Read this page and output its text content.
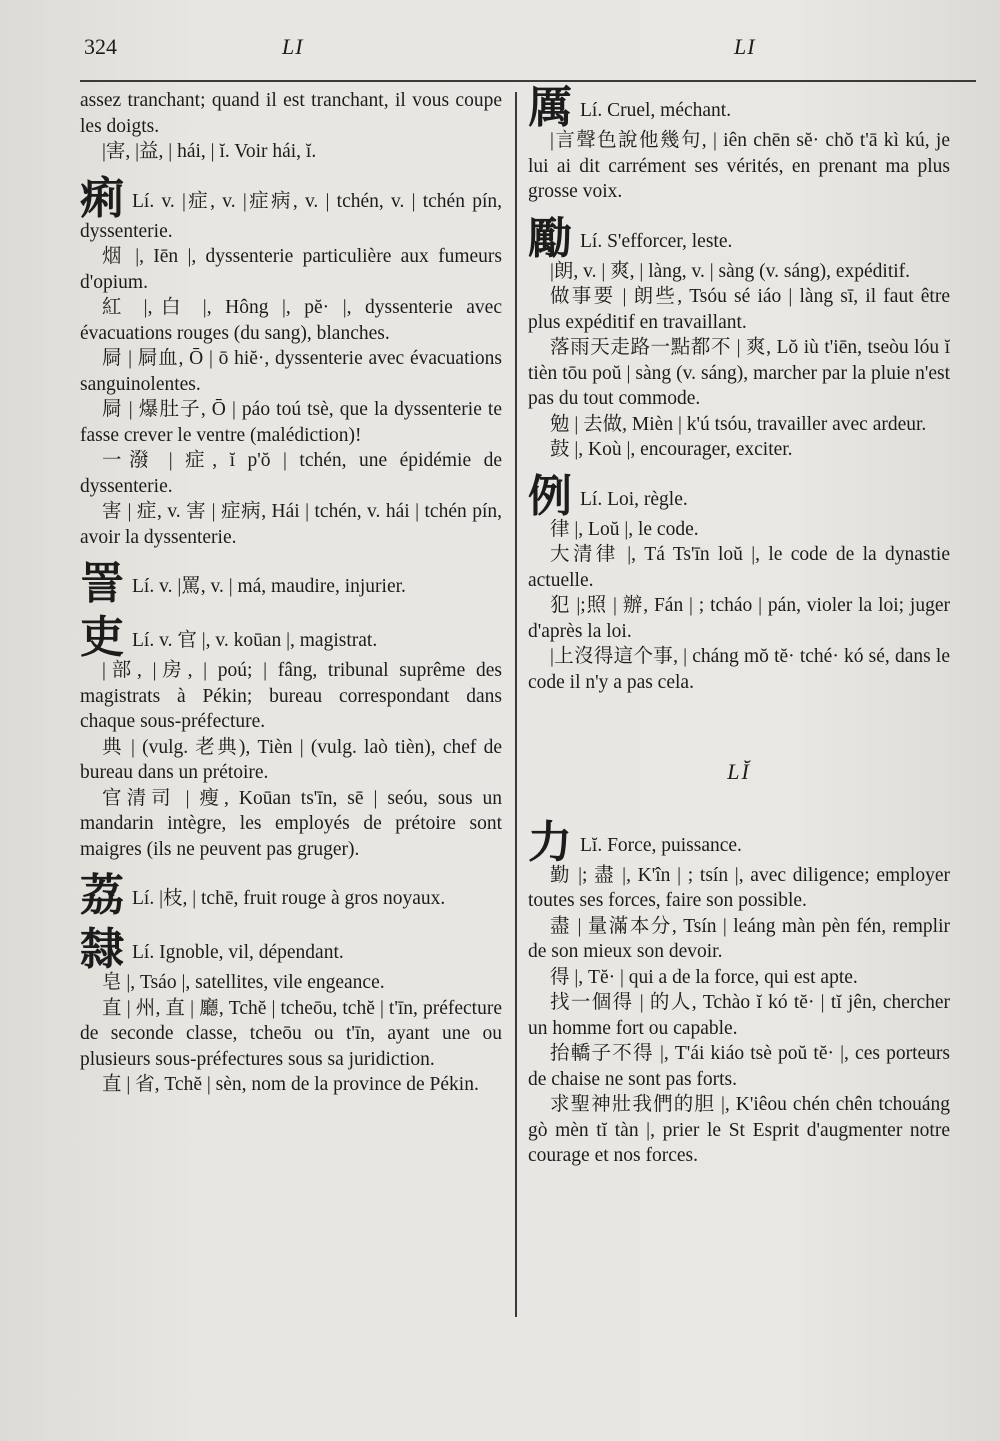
324	LI	LI

assez tranchant; quand il est tranchant, il vous coupe les doigts.

|害, |益, | hái, | ĭ. Voir hái, ĭ.

痢 Lí. v. |症, v. |症病, v. | tchén, v. | tchén pín, dyssenterie.

烟 |, Iēn |, dyssenterie particulière aux fumeurs d'opium.

紅 |,白 |, Hông |, pĕ· |, dyssenterie avec évacuations rouges (du sang), blanches.

屙 | 屙血, Ō | ō hiĕ·, dyssenterie avec évacuations sanguinolentes.

屙 | 爆肚子, Ō | páo toú tsè, que la dyssenterie te fasse crever le ventre (malédiction)!

一潑 | 症, ĭ p'ŏ | tchén, une épidémie de dyssenterie.

害 | 症, v. 害 | 症病, Hái | tchén, v. hái | tchén pín, avoir la dyssenterie.

詈 Lí. v. |罵, v. | má, maudire, injurier.

吏 Lí. v. 官 |, v. koūan |, magistrat.

|部, |房, | poú; | fâng, tribunal suprême des magistrats à Pékin; bureau correspondant dans chaque sous-préfecture.

典 | (vulg. 老典), Tièn | (vulg. laò tièn), chef de bureau dans un prétoire.

官清司 | 瘦, Koūan ts'īn, sē | seóu, sous un mandarin intègre, les employés de prétoire sont maigres (ils ne peuvent pas gruger).

荔 Lí. |枝, | tchē, fruit rouge à gros noyaux.

隸 Lí. Ignoble, vil, dépendant.

皂 |, Tsáo |, satellites, vile engeance.

直 | 州, 直 | 廳, Tchĕ | tcheōu, tchĕ | t'īn, préfecture de seconde classe, tcheōu ou t'īn, ayant une ou plusieurs sous-préfectures sous sa juridiction.

直 | 省, Tchĕ | sèn, nom de la province de Pékin.

厲 Lí. Cruel, méchant.

|言聲色說他幾句, | iên chēn sĕ· chŏ t'ā kì kú, je lui ai dit carrément ses vérités, en prenant ma plus grosse voix.

勵 Lí. S'efforcer, leste.

|朗, v. | 爽, | làng, v. | sàng (v. sáng), expéditif.

做事要 | 朗些, Tsóu sé iáo | làng sī, il faut être plus expéditif en travaillant.

落雨天走路一點都不 | 爽, Lŏ iù t'iēn, tseòu lóu ĭ tièn tōu poŭ | sàng (v. sáng), marcher par la pluie n'est pas du tout commode.

勉 | 去做, Mièn | k'ú tsóu, travailler avec ardeur.

鼓 |, Koù |, encourager, exciter.

例 Lí. Loi, règle.

律 |, Loŭ |, le code.

大清律 |, Tá Ts'īn loŭ |, le code de la dynastie actuelle.

犯 |;照 | 辦, Fán | ; tcháo | pán, violer la loi; juger d'après la loi.

|上沒得這个事, | cháng mŏ tĕ· tché· kó sé, dans le code il n'y a pas cela.

LĬ

力 Lĭ. Force, puissance.

勤 |; 盡 |, K'în | ; tsín |, avec diligence; employer toutes ses forces, faire son possible.

盡 | 量滿本分, Tsín | leáng màn pèn fén, remplir de son mieux son devoir.

得 |, Tĕ· | qui a de la force, qui est apte.

找一個得 | 的人, Tchào ĭ kó tĕ· | tĭ jên, chercher un homme fort ou capable.

抬轎子不得 |, T'ái kiáo tsè poŭ tĕ· |, ces porteurs de chaise ne sont pas forts.

求聖神壯我們的胆 |, K'iêou chén chên tchouáng gò mèn tĭ tàn |, prier le St Esprit d'augmenter notre courage et nos forces.
